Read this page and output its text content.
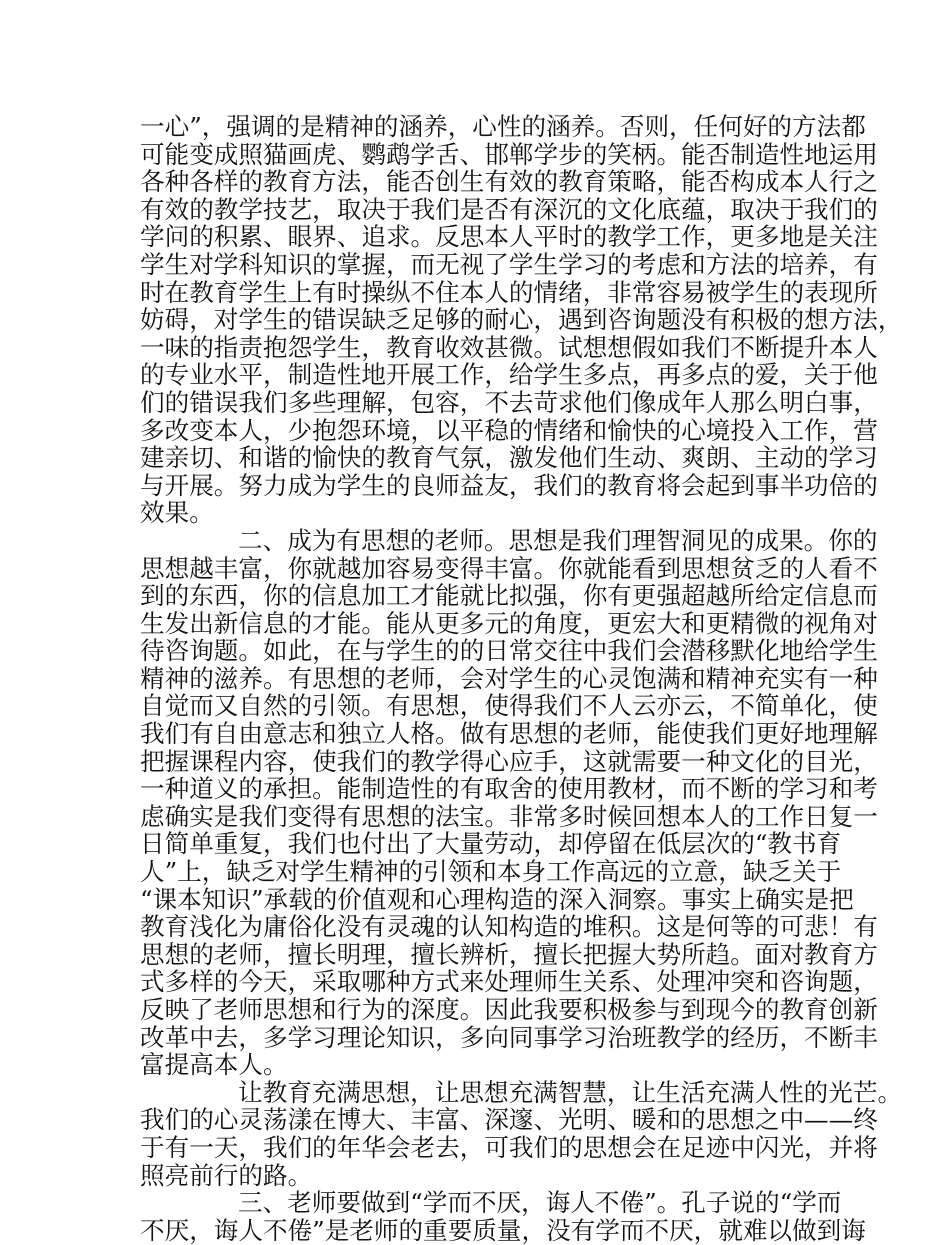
一心”，强调的是精神的涵养，心性的涵养。否则，任何好的方法都
可能变成照猫画虎、鹦鹉学舌、邯郸学步的笑柄。能否制造性地运用
各种各样的教育方法，能否创生有效的教育策略，能否构成本人行之
有效的教学技艺，取决于我们是否有深沉的文化底蕴，取决于我们的
学问的积累、眼界、追求。反思本人平时的教学工作，更多地是关注
学生对学科知识的掌握，而无视了学生学习的考虑和方法的培养，有
时在教育学生上有时操纵不住本人的情绪，非常容易被学生的表现所
妨碍，对学生的错误缺乏足够的耐心，遇到咨询题没有积极的想方法，
一味的指责抱怨学生，教育收效甚微。试想想假如我们不断提升本人
的专业水平，制造性地开展工作，给学生多点，再多点的爱，关于他
们的错误我们多些理解，包容，不去苛求他们像成年人那么明白事，
多改变本人，少抱怨环境，以平稳的情绪和愉快的心境投入工作，营
建亲切、和谐的愉快的教育气氛，激发他们生动、爽朗、主动的学习
与开展。努力成为学生的良师益友，我们的教育将会起到事半功倍的
效果。
二、成为有思想的老师。思想是我们理智洞见的成果。你的
思想越丰富，你就越加容易变得丰富。你就能看到思想贫乏的人看不
到的东西，你的信息加工才能就比拟强，你有更强超越所给定信息而
生发出新信息的才能。能从更多元的角度，更宏大和更精微的视角对
待咨询题。如此，在与学生的的日常交往中我们会潜移默化地给学生
精神的滋养。有思想的老师，会对学生的心灵饱满和精神充实有一种
自觉而又自然的引领。有思想，使得我们不人云亦云，不简单化，使
我们有自由意志和独立人格。做有思想的老师，能使我们更好地理解
把握课程内容，使我们的教学得心应手，这就需要一种文化的目光，
一种道义的承担。能制造性的有取舍的使用教材，而不断的学习和考
虑确实是我们变得有思想的法宝。非常多时候回想本人的工作日复一
日简单重复，我们也付出了大量劳动，却停留在低层次的“教书育
人”上，缺乏对学生精神的引领和本身工作高远的立意，缺乏关于
“课本知识”承载的价值观和心理构造的深入洞察。事实上确实是把
教育浅化为庸俗化没有灵魂的认知构造的堆积。这是何等的可悲！有
思想的老师，擅长明理，擅长辨析，擅长把握大势所趋。面对教育方
式多样的今天，采取哪种方式来处理师生关系、处理冲突和咨询题，
反映了老师思想和行为的深度。因此我要积极参与到现今的教育创新
改革中去，多学习理论知识，多向同事学习治班教学的经历，不断丰
富提高本人。
让教育充满思想，让思想充满智慧，让生活充满人性的光芒。
我们的心灵荡漾在博大、丰富、深邃、光明、暖和的思想之中——终
于有一天，我们的年华会老去，可我们的思想会在足迹中闪光，并将
照亮前行的路。
三、老师要做到“学而不厌，诲人不倦”。孔子说的“学而
不厌，诲人不倦”是老师的重要质量，没有学而不厌，就难以做到诲
